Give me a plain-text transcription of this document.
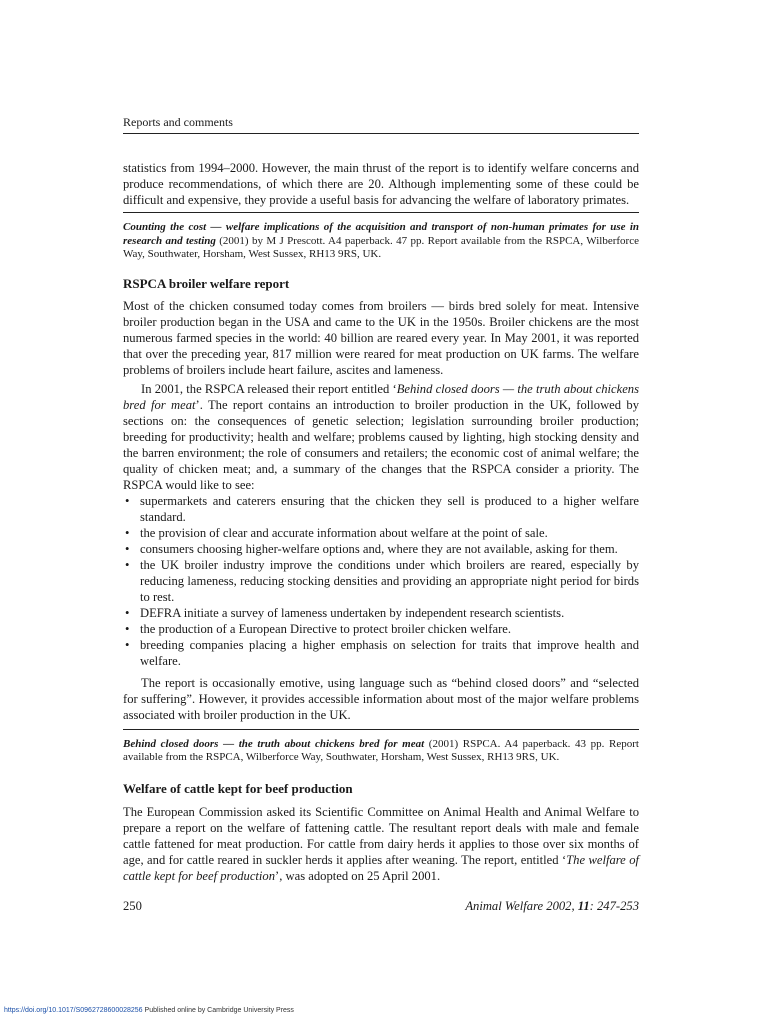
Reports and comments

statistics from 1994–2000. However, the main thrust of the report is to identify welfare concerns and produce recommendations, of which there are 20. Although implementing some of these could be difficult and expensive, they provide a useful basis for advancing the welfare of laboratory primates.

Counting the cost — welfare implications of the acquisition and transport of non-human primates for use in research and testing (2001) by M J Prescott. A4 paperback. 47 pp. Report available from the RSPCA, Wilberforce Way, Southwater, Horsham, West Sussex, RH13 9RS, UK.

RSPCA broiler welfare report

Most of the chicken consumed today comes from broilers — birds bred solely for meat. Intensive broiler production began in the USA and came to the UK in the 1950s. Broiler chickens are the most numerous farmed species in the world: 40 billion are reared every year. In May 2001, it was reported that over the preceding year, 817 million were reared for meat production on UK farms. The welfare problems of broilers include heart failure, ascites and lameness.

In 2001, the RSPCA released their report entitled ‘Behind closed doors — the truth about chickens bred for meat’. The report contains an introduction to broiler production in the UK, followed by sections on: the consequences of genetic selection; legislation surrounding broiler production; breeding for productivity; health and welfare; problems caused by lighting, high stocking density and the barren environment; the role of consumers and retailers; the economic cost of animal welfare; the quality of chicken meat; and, a summary of the changes that the RSPCA consider a priority. The RSPCA would like to see:

• supermarkets and caterers ensuring that the chicken they sell is produced to a higher welfare standard.
• the provision of clear and accurate information about welfare at the point of sale.
• consumers choosing higher-welfare options and, where they are not available, asking for them.
• the UK broiler industry improve the conditions under which broilers are reared, especially by reducing lameness, reducing stocking densities and providing an appropriate night period for birds to rest.
• DEFRA initiate a survey of lameness undertaken by independent research scientists.
• the production of a European Directive to protect broiler chicken welfare.
• breeding companies placing a higher emphasis on selection for traits that improve health and welfare.

The report is occasionally emotive, using language such as “behind closed doors” and “selected for suffering”. However, it provides accessible information about most of the major welfare problems associated with broiler production in the UK.

Behind closed doors — the truth about chickens bred for meat (2001) RSPCA. A4 paperback. 43 pp. Report available from the RSPCA, Wilberforce Way, Southwater, Horsham, West Sussex, RH13 9RS, UK.

Welfare of cattle kept for beef production

The European Commission asked its Scientific Committee on Animal Health and Animal Welfare to prepare a report on the welfare of fattening cattle. The resultant report deals with male and female cattle fattened for meat production. For cattle from dairy herds it applies to those over six months of age, and for cattle reared in suckler herds it applies after weaning. The report, entitled ‘The welfare of cattle kept for beef production’, was adopted on 25 April 2001.

250	Animal Welfare 2002, 11: 247-253
https://doi.org/10.1017/S0962728600028256 Published online by Cambridge University Press
